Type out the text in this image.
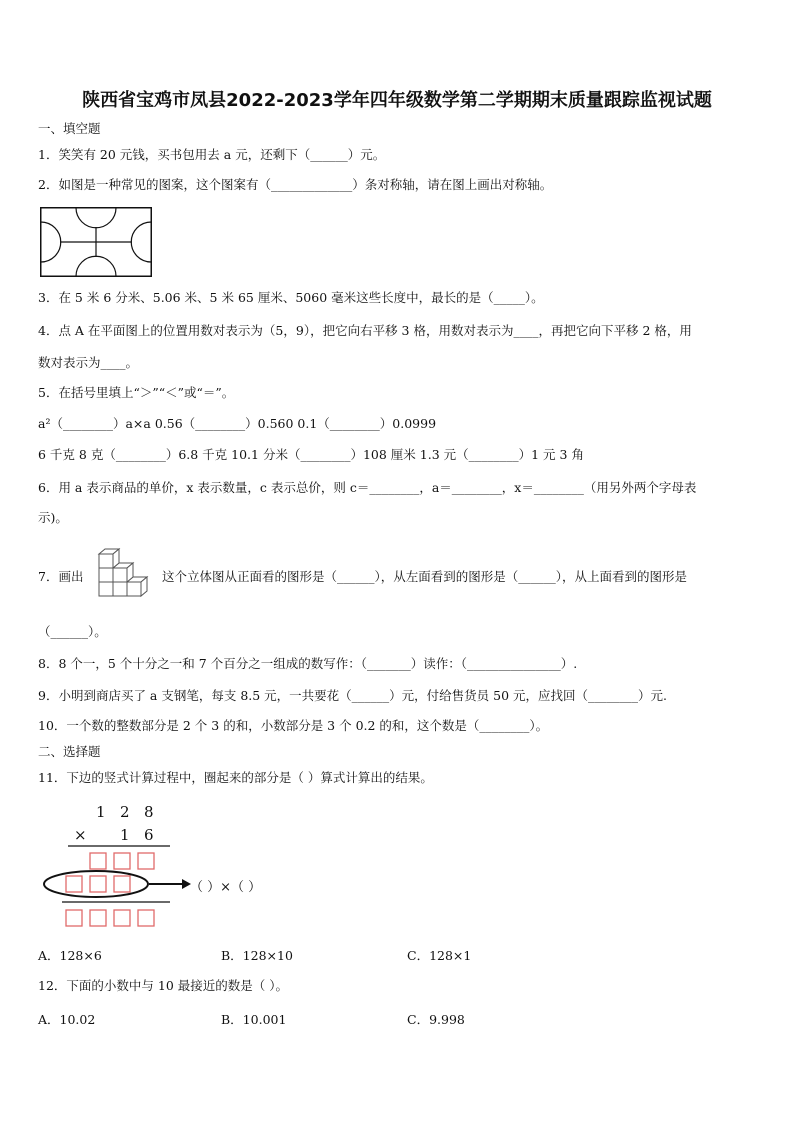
陕西省宝鸡市凤县2022-2023学年四年级数学第二学期期末质量跟踪监视试题
一、填空题
1．笑笑有 20 元钱，买书包用去 a 元，还剩下（______）元。
2．如图是一种常见的图案，这个图案有（_____________）条对称轴，请在图上画出对称轴。
3．在 5 米 6 分米、5.06 米、5 米 65 厘米、5060 毫米这些长度中，最长的是（_____）。
4．点 A 在平面图上的位置用数对表示为（5，9），把它向右平移 3 格，用数对表示为____，再把它向下平移 2 格，用
数对表示为____。
5．在括号里填上“＞”“＜”或“＝”。
a²（________）a×a 0.56（________）0.560 0.1（________）0.0999
6 千克 8 克（________）6.8 千克 10.1 分米（________）108 厘米 1.3 元（________）1 元 3 角
6．用 a 表示商品的单价，x 表示数量，c 表示总价，则 c＝________，a＝________，x＝________（用另外两个字母表
示)。
7．画出	这个立体图从正面看的图形是（______），从左面看到的图形是（______），从上面看到的图形是
（______）。
8．8 个一，5 个十分之一和 7 个百分之一组成的数写作：（_______）读作：（_______________）.
9．小明到商店买了 a 支钢笔，每支 8.5 元，一共要花（______）元，付给售货员 50 元，应找回（________）元.
10．一个数的整数部分是 2 个 3 的和，小数部分是 3 个 0.2 的和，这个数是（________）。
二、选择题
11．下边的竖式计算过程中，圈起来的部分是（ ）算式计算出的结果。
1 2 8
× 1 6
（ ）×（ ）
A．128×6	B．128×10	C．128×1
12．下面的小数中与 10 最接近的数是（ ）。
A．10.02	B．10.001	C．9.998
